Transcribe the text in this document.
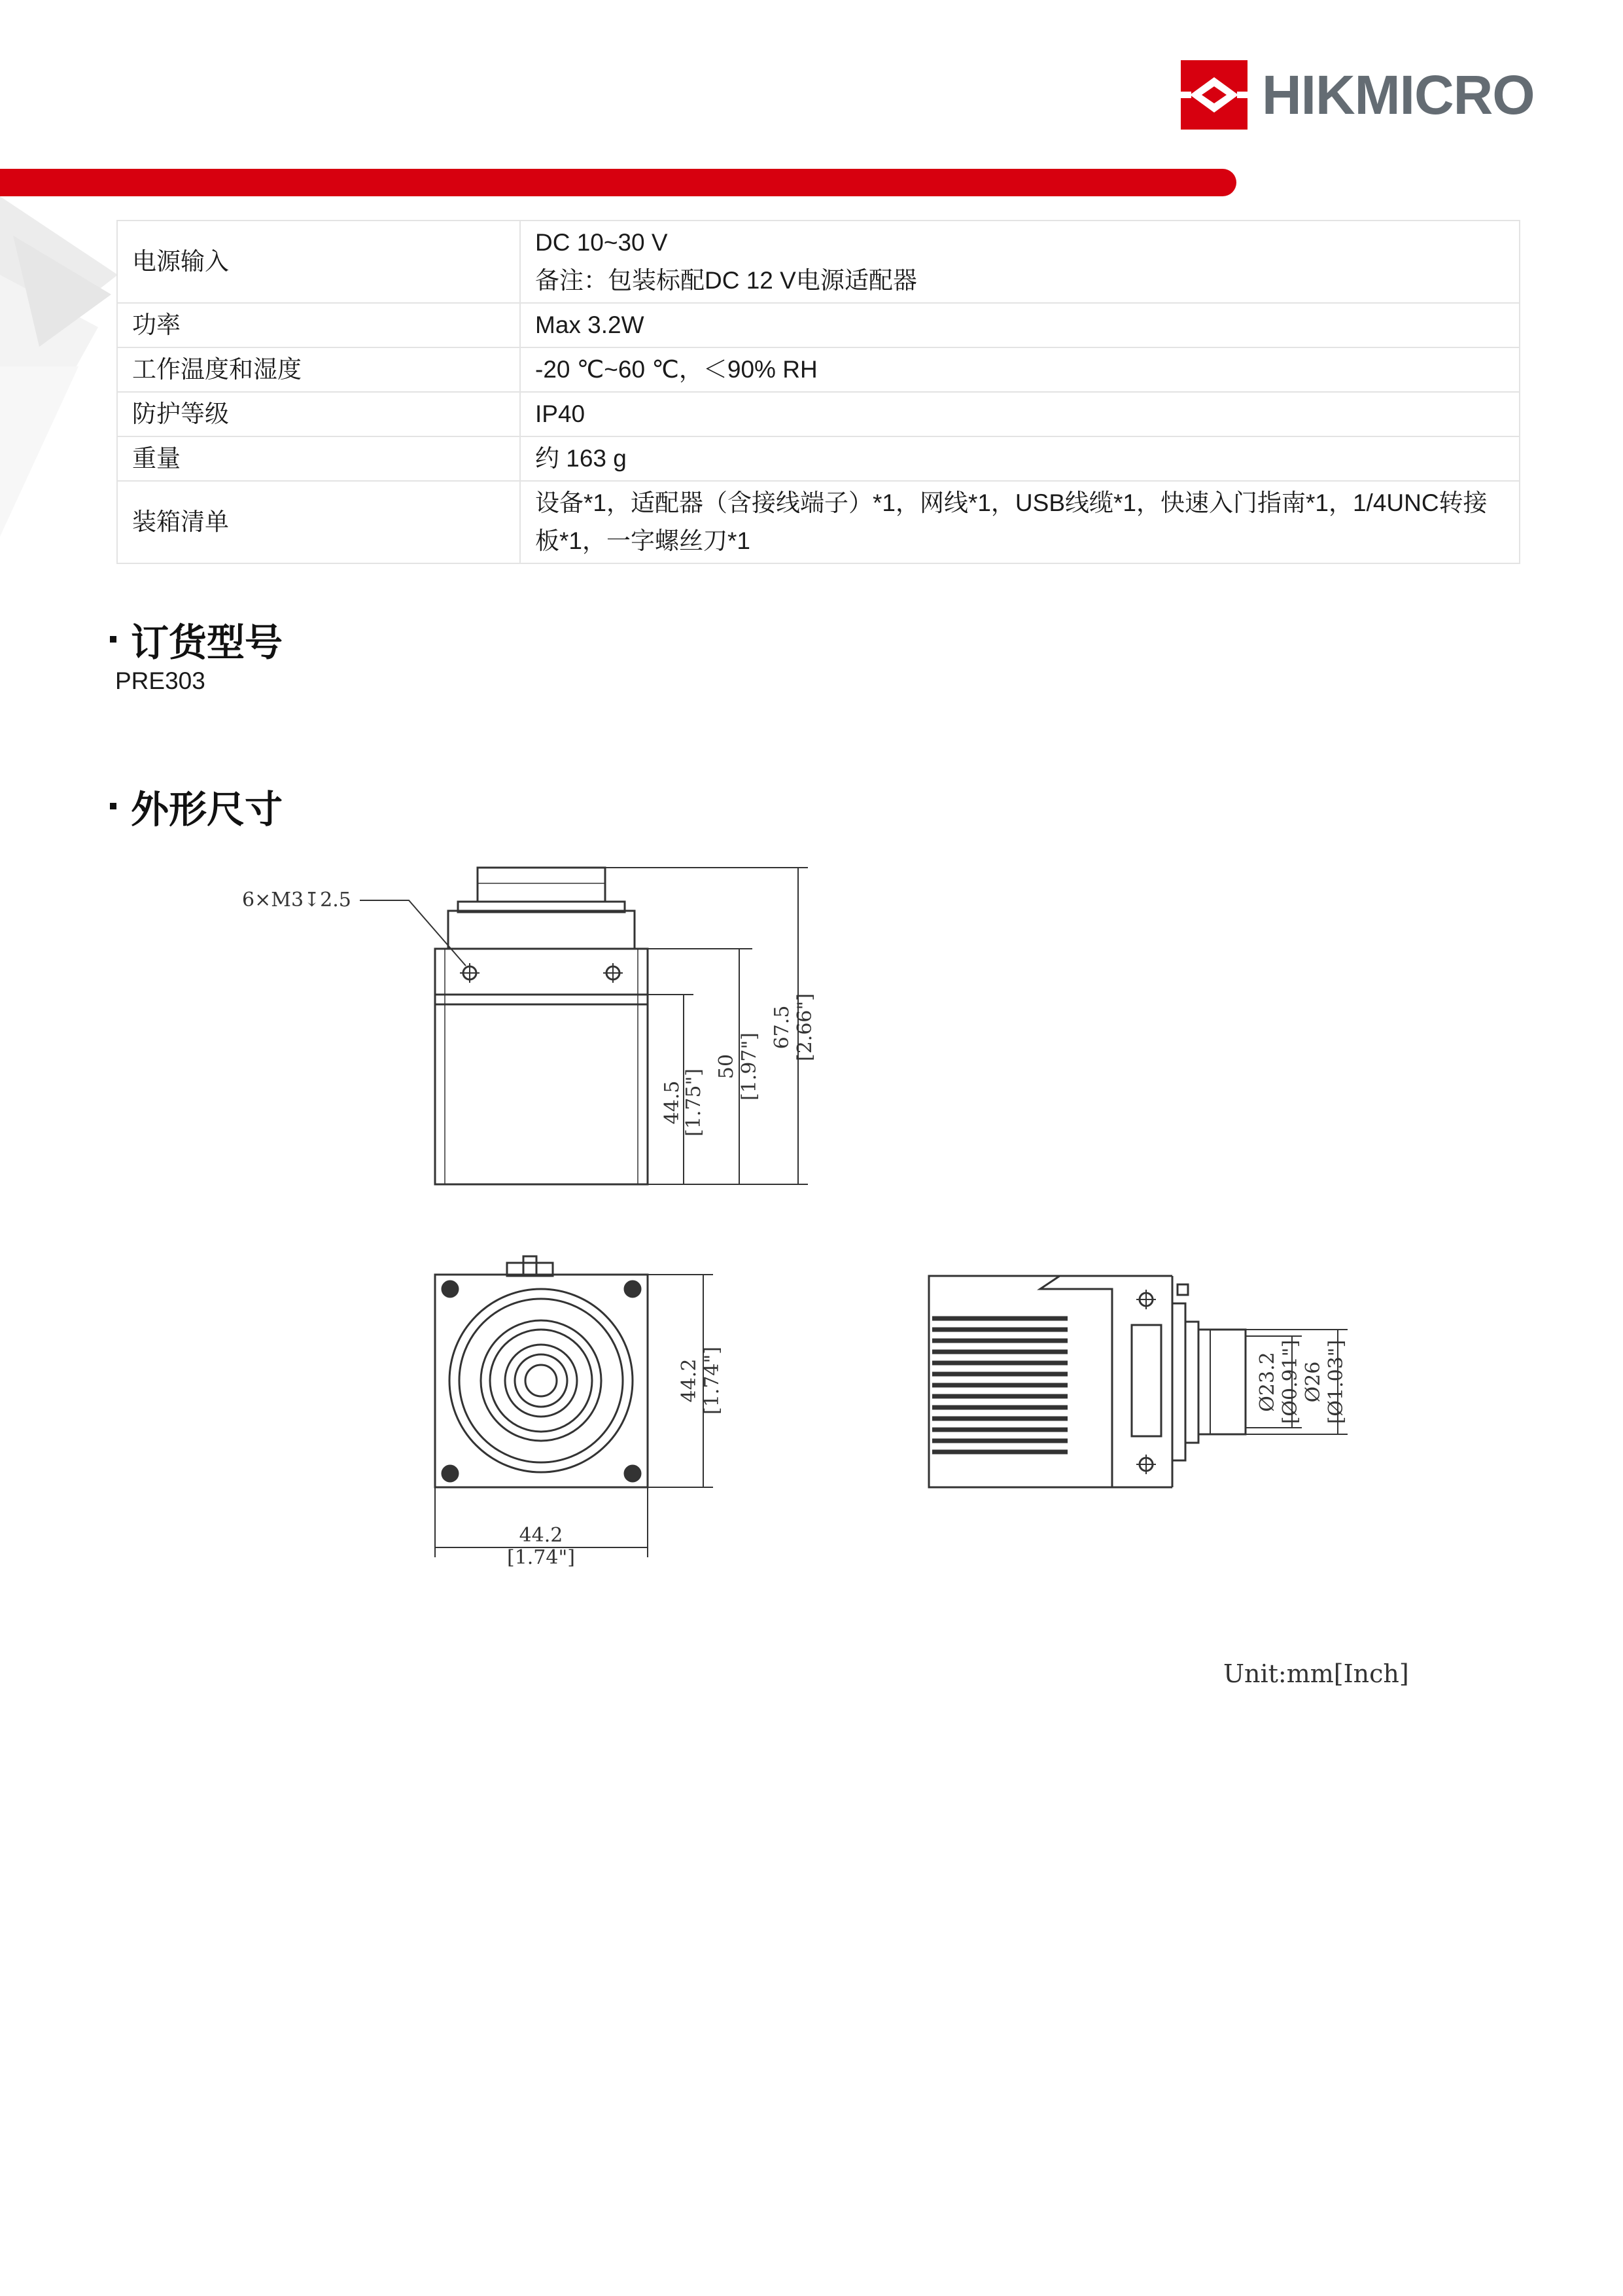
HIKMICRO
电源输入	DC 10~30 V
备注：包装标配DC 12 V电源适配器

功率	Max 3.2W
工作温度和湿度	-20 ℃~60 ℃，＜90% RH
防护等级	IP40
重量	约 163 g
装箱清单	设备*1，适配器（含接线端子）*1，网线*1，USB线缆*1，快速入门指南*1，1/4UNC转接
板*1，一字螺丝刀*1
订货型号
PRE303
外形尺寸
6×M3↧2.5
44.5
[1.75"]
50 [1.97"]
67.5 [2.66"]
44.2 [1.74"]
44.2
[1.74"]
Ø23.2 [Ø0.91"] Ø26 [Ø1.03"]
Unit:mm[Inch]
